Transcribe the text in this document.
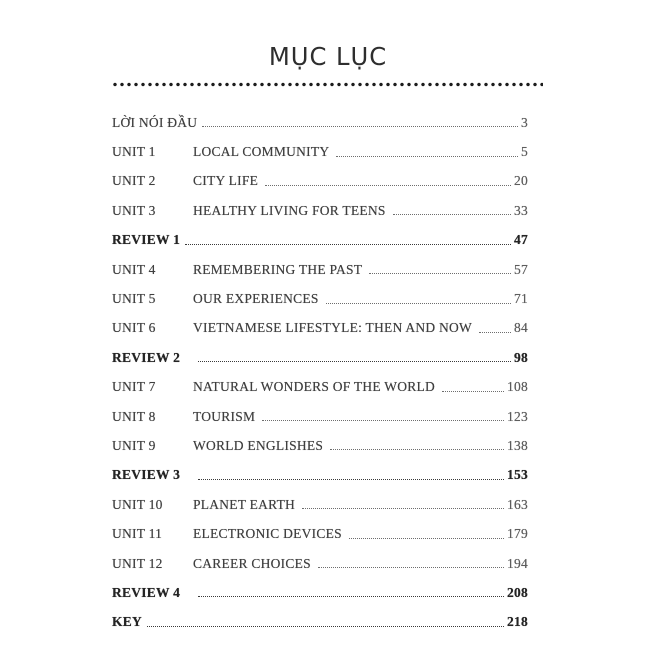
MỤC LỤC
LỜI NÓI ĐẦU	3
UNIT 1	LOCAL COMMUNITY	5
UNIT 2	CITY LIFE	20
UNIT 3	HEALTHY LIVING FOR TEENS	33
REVIEW 1	47
UNIT 4	REMEMBERING THE PAST	57
UNIT 5	OUR EXPERIENCES	71
UNIT 6	VIETNAMESE LIFESTYLE: THEN AND NOW	84
REVIEW 2	98
UNIT 7	NATURAL WONDERS OF THE WORLD	108
UNIT 8	TOURISM	123
UNIT 9	WORLD ENGLISHES	138
REVIEW 3	153
UNIT 10	PLANET EARTH	163
UNIT 11	ELECTRONIC DEVICES	179
UNIT 12	CAREER CHOICES	194
REVIEW 4	208
KEY	218
